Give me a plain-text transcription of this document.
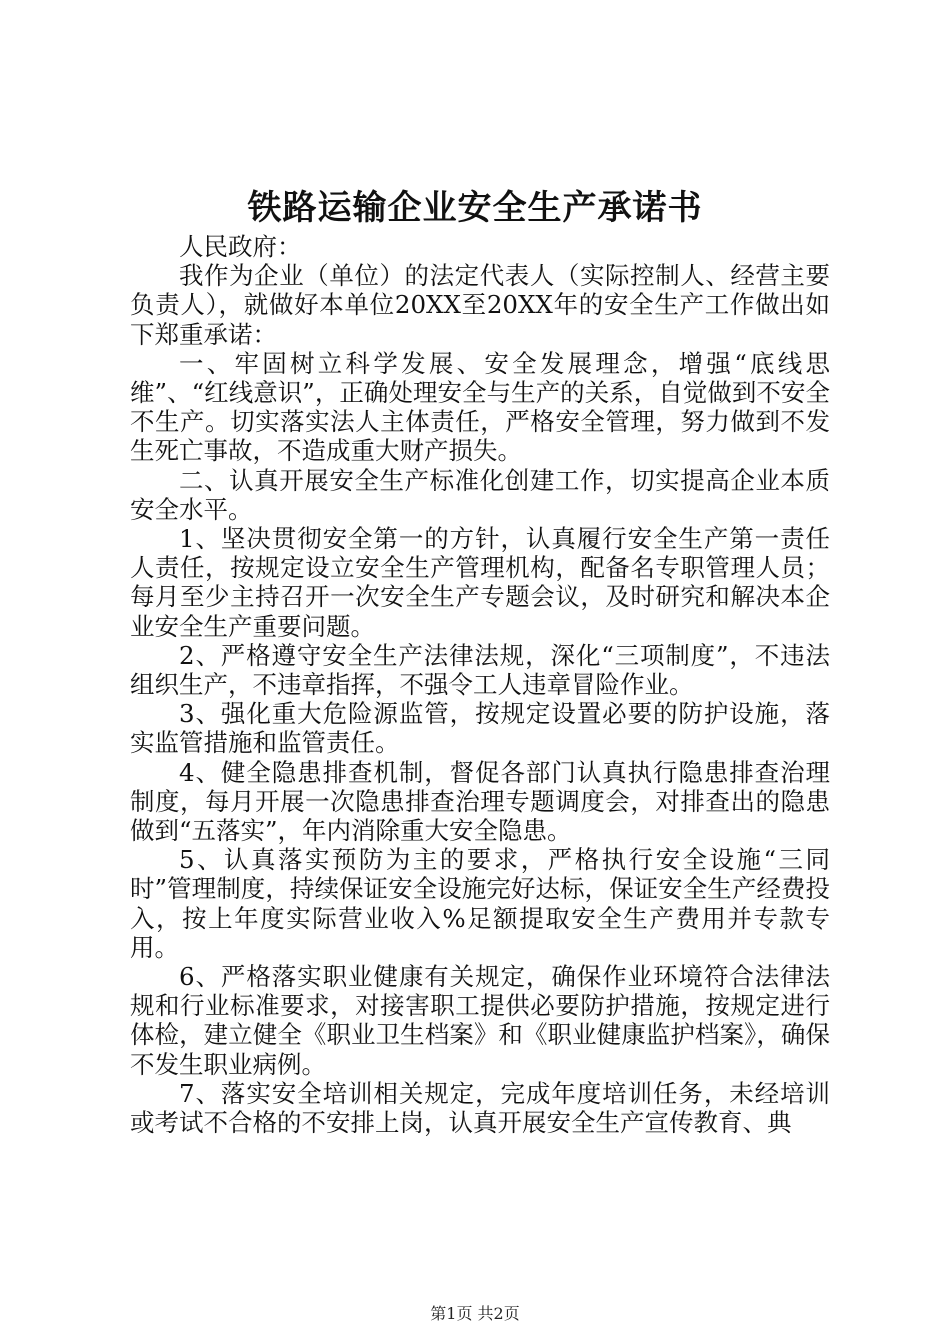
铁路运输企业安全生产承诺书

人民政府：

我作为企业（单位）的法定代表人（实际控制人、经营主要负责人），就做好本单位20XX至20XX年的安全生产工作做出如下郑重承诺：

一、牢固树立科学发展、安全发展理念，增强“底线思维”、“红线意识”，正确处理安全与生产的关系，自觉做到不安全不生产。切实落实法人主体责任，严格安全管理，努力做到不发生死亡事故，不造成重大财产损失。

二、认真开展安全生产标准化创建工作，切实提高企业本质安全水平。

1、坚决贯彻安全第一的方针，认真履行安全生产第一责任人责任，按规定设立安全生产管理机构，配备名专职管理人员；每月至少主持召开一次安全生产专题会议，及时研究和解决本企业安全生产重要问题。

2、严格遵守安全生产法律法规，深化“三项制度”，不违法组织生产，不违章指挥，不强令工人违章冒险作业。

3、强化重大危险源监管，按规定设置必要的防护设施，落实监管措施和监管责任。

4、健全隐患排查机制，督促各部门认真执行隐患排查治理制度，每月开展一次隐患排查治理专题调度会，对排查出的隐患做到“五落实”，年内消除重大安全隐患。

5、认真落实预防为主的要求，严格执行安全设施“三同时”管理制度，持续保证安全设施完好达标，保证安全生产经费投入，按上年度实际营业收入%足额提取安全生产费用并专款专用。

6、严格落实职业健康有关规定，确保作业环境符合法律法规和行业标准要求，对接害职工提供必要防护措施，按规定进行体检，建立健全《职业卫生档案》和《职业健康监护档案》，确保不发生职业病例。

7、落实安全培训相关规定，完成年度培训任务，未经培训或考试不合格的不安排上岗，认真开展安全生产宣传教育、典

第1页 共2页
